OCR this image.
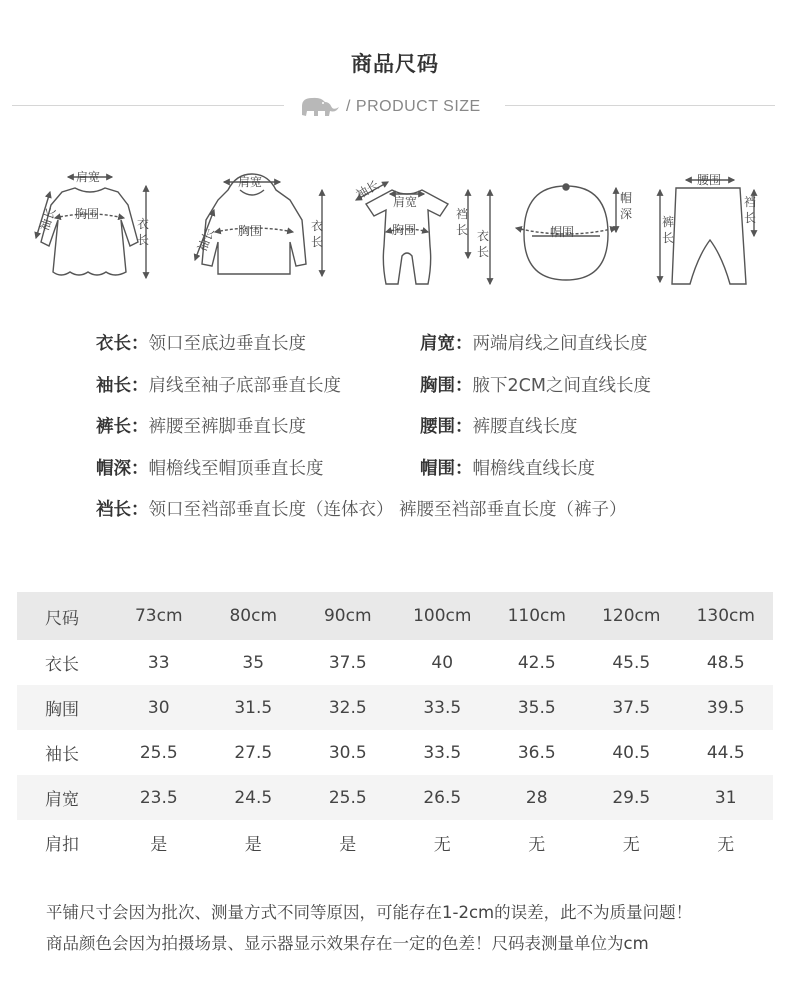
商品尺码
/ PRODUCT SIZE
肩宽
胸围
袖长	衣
长
肩宽
胸围
袖长
衣
长
袖长
肩宽
胸围
裆
长 衣
长
帽围
帽
深
腰围
裤
长
裆
长
衣长：领口至底边垂直长度	肩宽：两端肩线之间直线长度
袖长：肩线至袖子底部垂直长度	胸围：腋下2CM之间直线长度
裤长：裤腰至裤脚垂直长度	腰围：裤腰直线长度
帽深：帽檐线至帽顶垂直长度	帽围：帽檐线直线长度
裆长：领口至裆部垂直长度（连体衣） 裤腰至裆部垂直长度（裤子）
尺码	73cm	80cm	90cm	100cm	110cm	120cm	130cm
衣长	33	35	37.5	40	42.5	45.5	48.5
胸围	30	31.5	32.5	33.5	35.5	37.5	39.5
袖长	25.5	27.5	30.5	33.5	36.5	40.5	44.5
肩宽	23.5	24.5	25.5	26.5	28	29.5	31
肩扣	是	是	是	无	无	无	无
平铺尺寸会因为批次、测量方式不同等原因，可能存在1-2cm的误差，此不为质量问题！
商品颜色会因为拍摄场景、显示器显示效果存在一定的色差！尺码表测量单位为cm
